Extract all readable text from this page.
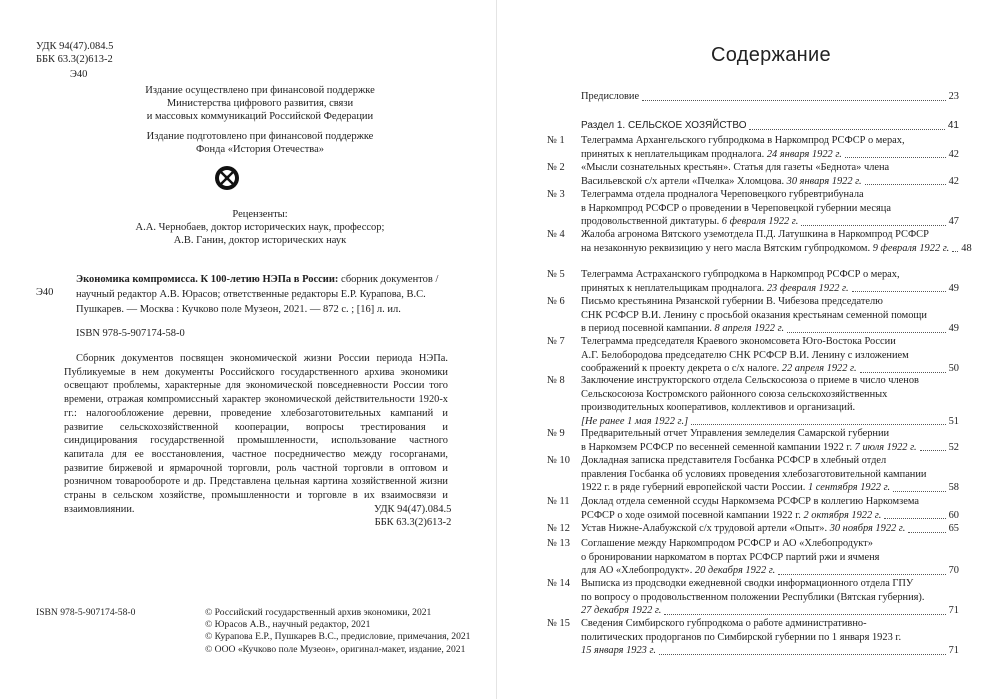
УДК 94(47).084.5
ББК 63.3(2)613-2
Э40
Издание осуществлено при финансовой поддержке
Министерства цифрового развития, связи
и массовых коммуникаций Российской Федерации
Издание подготовлено при финансовой поддержке
Фонда «История Отечества»
Рецензенты:
А.А. Чернобаев, доктор исторических наук, профессор;
А.В. Ганин, доктор исторических наук
Э40
Экономика компромисса. К 100-летию НЭПа в России: сборник документов / научный редактор А.В. Юрасов; ответственные редакторы Е.Р. Курапова, В.С. Пушкарев. — Москва : Кучково поле Музеон, 2021. — 872 с. ; [16] л. ил.
ISBN 978-5-907174-58-0

Сборник документов посвящен экономической жизни России периода НЭПа. Публикуемые в нем документы Российского государственного архива экономики освещают проблемы, характерные для экономической повседневности России того времени, отражая компромиссный характер экономической действительности 1920-х гг.: налогообложение деревни, проведение хлебозаготовительных кампаний и развитие сельскохозяйственной кооперации, вопросы трестирования и синдицирования государственной промышленности, использование частного капитала для ее восстановления, частное посредничество между госорганами, развитие биржевой и ярмарочной торговли, роль частной торговли в оптовом и розничном товарообороте и др. Представлена цельная картина хозяйственной жизни страны в сельском хозяйстве, промышленности и торговле в их взаимосвязи и взаимовлиянии.	УДК 94(47).084.5
ББК 63.3(2)613-2
ISBN 978-5-907174-58-0	© Российский государственный архив экономики, 2021
© Юрасов А.В., научный редактор, 2021
© Курапова Е.Р., Пушкарев В.С., предисловие, примечания, 2021
© ООО «Кучково поле Музеон», оригинал-макет, издание, 2021
Содержание
Предисловие	23
Раздел 1. СЕЛЬСКОЕ ХОЗЯЙСТВО	41
№ 1	Телеграмма Архангельского губпродкома в Наркомпрод РСФСР о мерах,
принятых к неплательщикам продналога. 24 января 1922 г.	42
№ 2	«Мысли сознательных крестьян». Статья для газеты «Беднота» члена
Васильевской с/х артели «Пчелка» Хломцова. 30 января 1922 г.	42
№ 3	Телеграмма отдела продналога Череповецкого губревтрибунала
в Наркомпрод РСФСР о проведении в Череповецкой губернии месяца
продовольственной диктатуры. 6 февраля 1922 г.	47
№ 4	Жалоба агронома Вятского уземотдела П.Д. Латушкина в Наркомпрод РСФСР
на незаконную реквизицию у него масла Вятским губпродкомом. 9 февраля 1922 г. 48
№ 5	Телеграмма Астраханского губпродкома в Наркомпрод РСФСР о мерах,
принятых к неплательщикам продналога. 23 февраля 1922 г.	49
№ 6	Письмо крестьянина Рязанской губернии В. Чибезова председателю
СНК РСФСР В.И. Ленину с просьбой оказания крестьянам семенной помощи
в период посевной кампании. 8 апреля 1922 г.	49
№ 7	Телеграмма председателя Краевого экономсовета Юго-Востока России
А.Г. Белобородова председателю СНК РСФСР В.И. Ленину с изложением
соображений к проекту декрета о с/х налоге. 22 апреля 1922 г.	50
№ 8	Заключение инструкторского отдела Сельскосоюза о приеме в число членов
Сельскосоюза Костромского районного союза сельскохозяйственных
производительных кооперативов, коллективов и организаций.
[Не ранее 1 мая 1922 г.]	51
№ 9	Предварительный отчет Управления земледелия Самарской губернии
в Наркомзем РСФСР по весенней семенной кампании 1922 г. 7 июля 1922 г.	52
№ 10	Докладная записка представителя Госбанка РСФСР в хлебный отдел
правления Госбанка об условиях проведения хлебозаготовительной кампании
1922 г. в ряде губерний европейской части России. 1 сентября 1922 г.	58
№ 11	Доклад отдела семенной ссуды Наркомзема РСФСР в коллегию Наркомзема
РСФСР о ходе озимой посевной кампании 1922 г. 2 октября 1922 г.	60
№ 12	Устав Нижне-Алабужской с/х трудовой артели «Опыт». 30 ноября 1922 г.	65
№ 13	Соглашение между Наркомпродом РСФСР и АО «Хлебопродукт»
о бронировании наркоматом в портах РСФСР партий ржи и ячменя
для АО «Хлебопродукт». 20 декабря 1922 г.	70
№ 14	Выписка из продсводки ежедневной сводки информационного отдела ГПУ
по вопросу о продовольственном положении Республики (Вятская губерния).
27 декабря 1922 г.	71
№ 15	Сведения Симбирского губпродкома о работе административно-
политических продорганов по Симбирской губернии по 1 января 1923 г.
15 января 1923 г.	71
